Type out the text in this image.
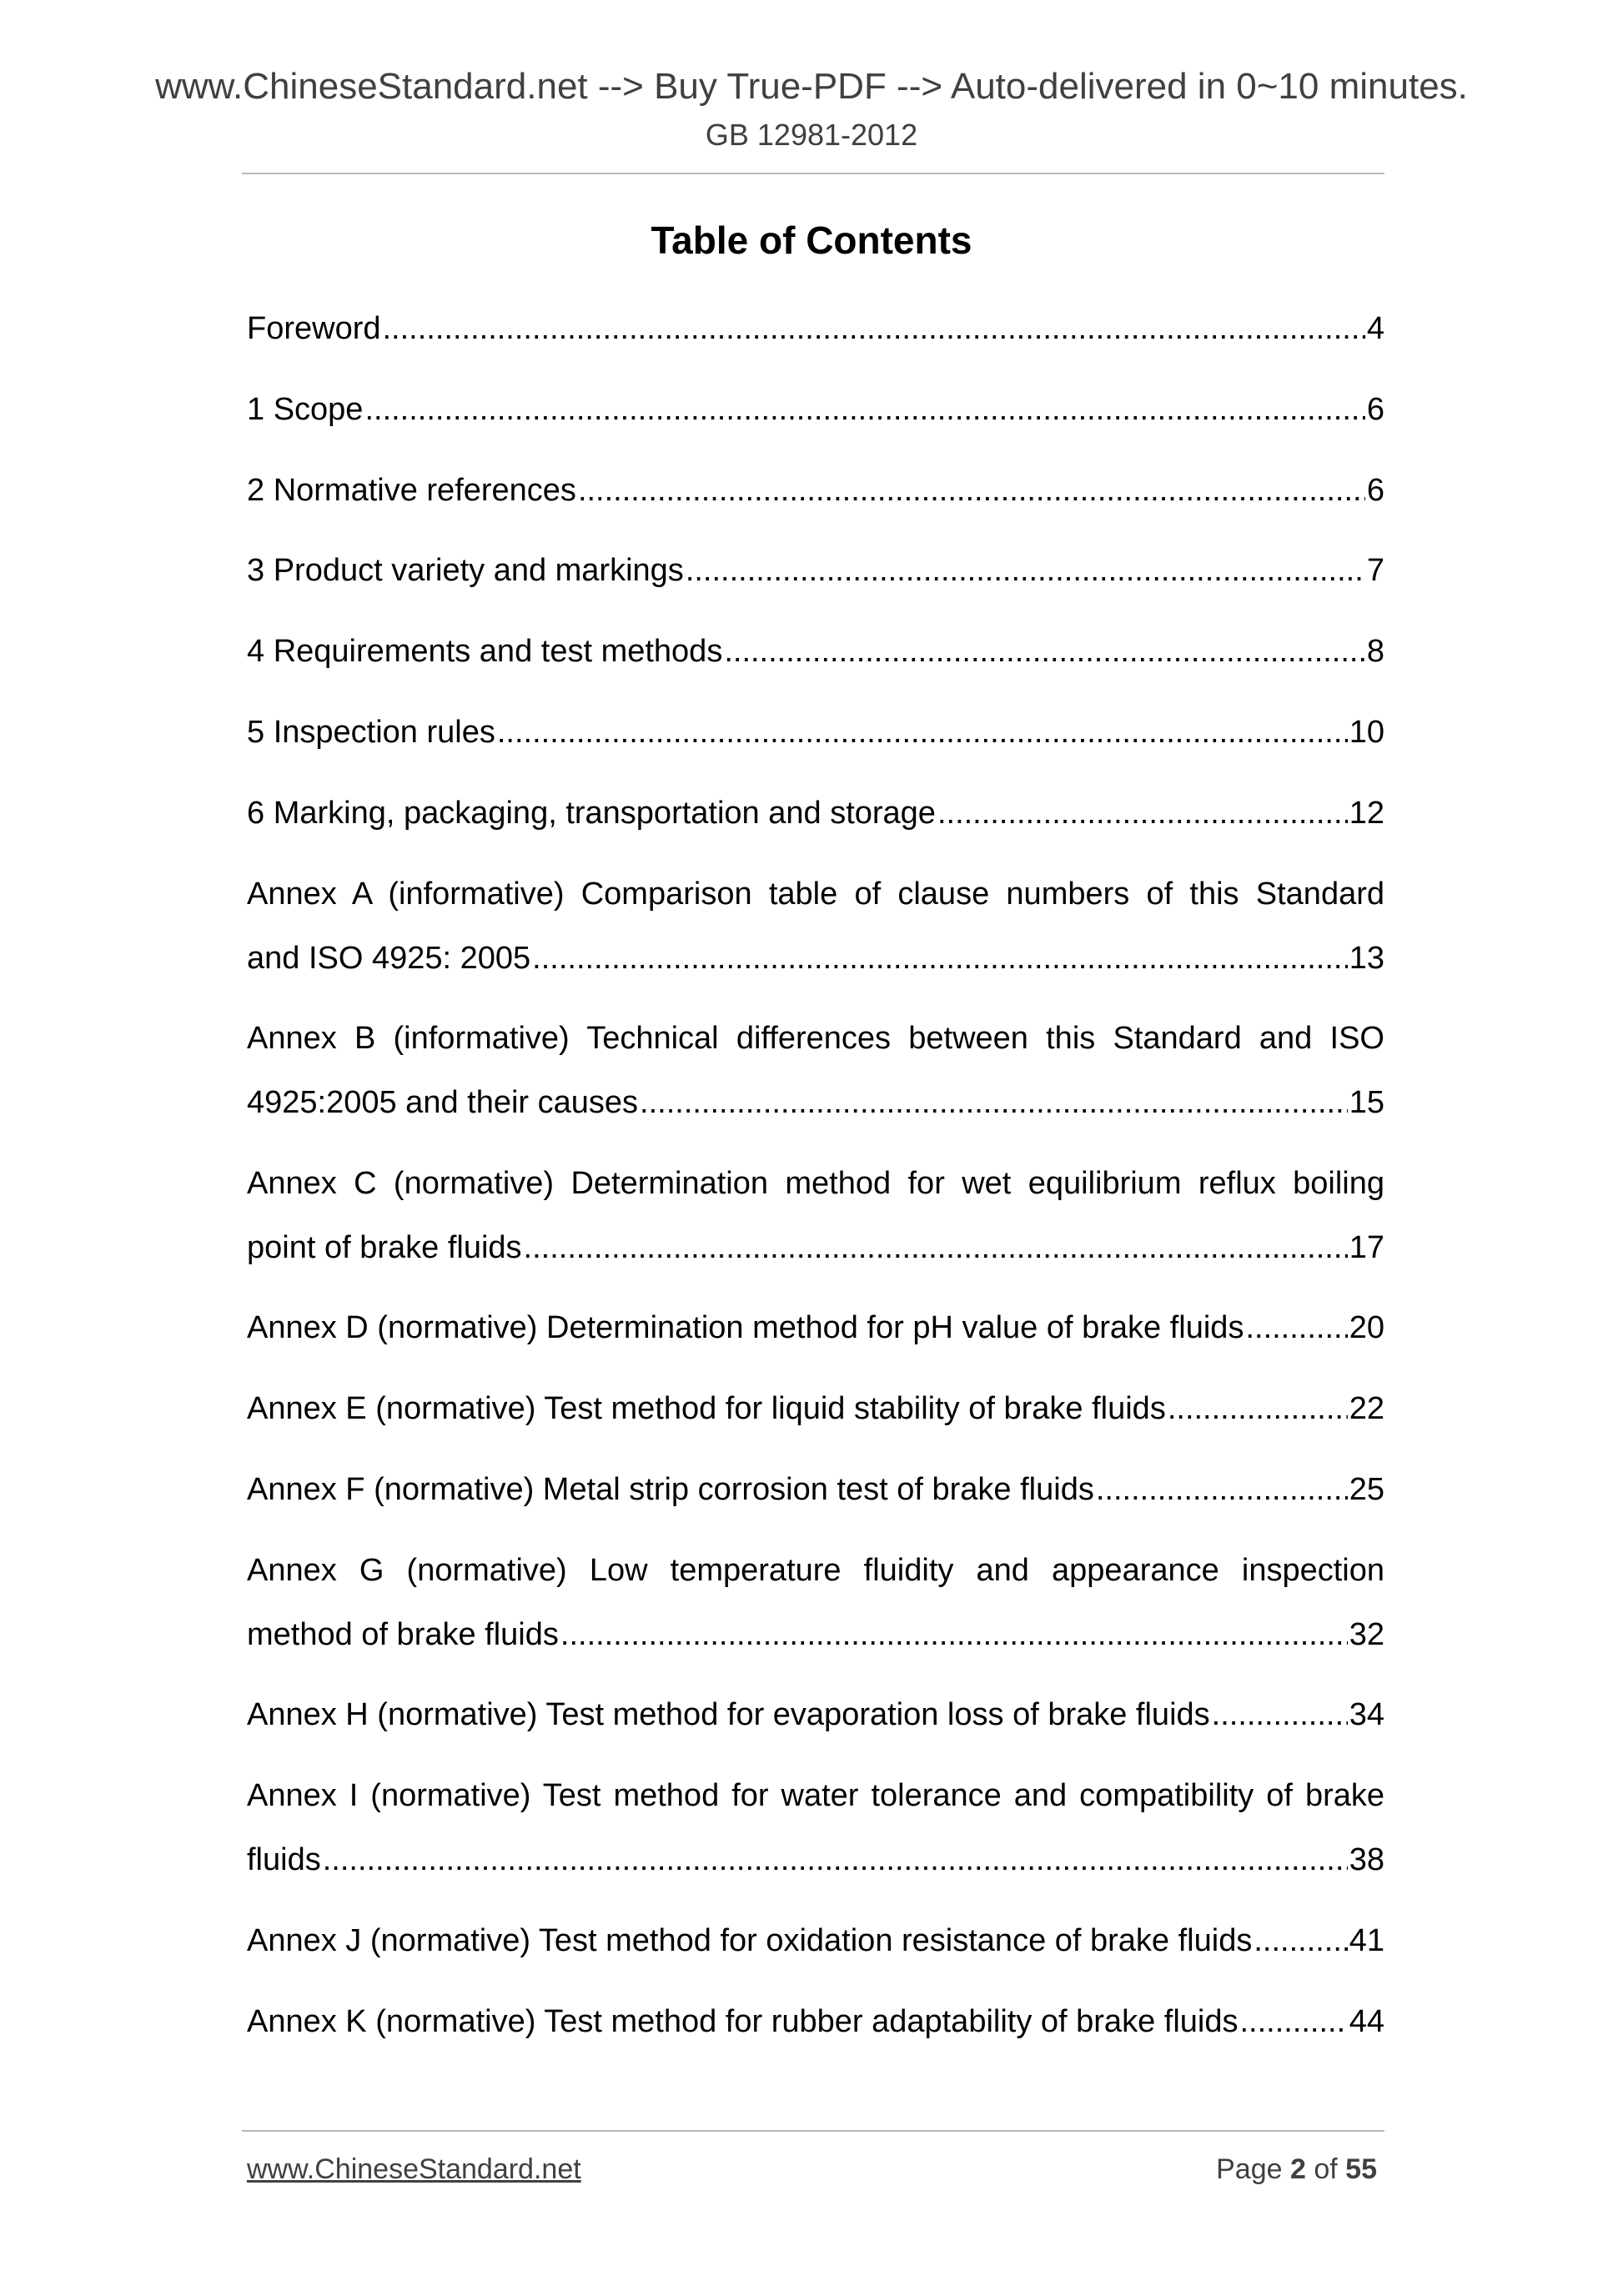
www.ChineseStandard.net --> Buy True-PDF --> Auto-delivered in 0~10 minutes.
GB 12981-2012
Table of Contents
Foreword .....	4
1 Scope .....	6
2 Normative references .....	6
3 Product variety and markings .....	7
4 Requirements and test methods .....	8
5 Inspection rules .....	10
6 Marking, packaging, transportation and storage .....	12
Annex A (informative) Comparison table of clause numbers of this Standard
and ISO 4925: 2005 .....	13
Annex B (informative) Technical differences between this Standard and ISO
4925:2005 and their causes .....	15
Annex C (normative) Determination method for wet equilibrium reflux boiling
point of brake fluids .....	17
Annex D (normative) Determination method for pH value of brake fluids .....	20
Annex E (normative) Test method for liquid stability of brake fluids .....	22
Annex F (normative) Metal strip corrosion test of brake fluids .....	25
Annex G (normative) Low temperature fluidity and appearance inspection
method of brake fluids .....	32
Annex H (normative) Test method for evaporation loss of brake fluids .....	34
Annex I (normative) Test method for water tolerance and compatibility of brake
fluids .....	38
Annex J (normative) Test method for oxidation resistance of brake fluids .....	41
Annex K (normative) Test method for rubber adaptability of brake fluids .....	44
www.ChineseStandard.net	Page 2 of 55
